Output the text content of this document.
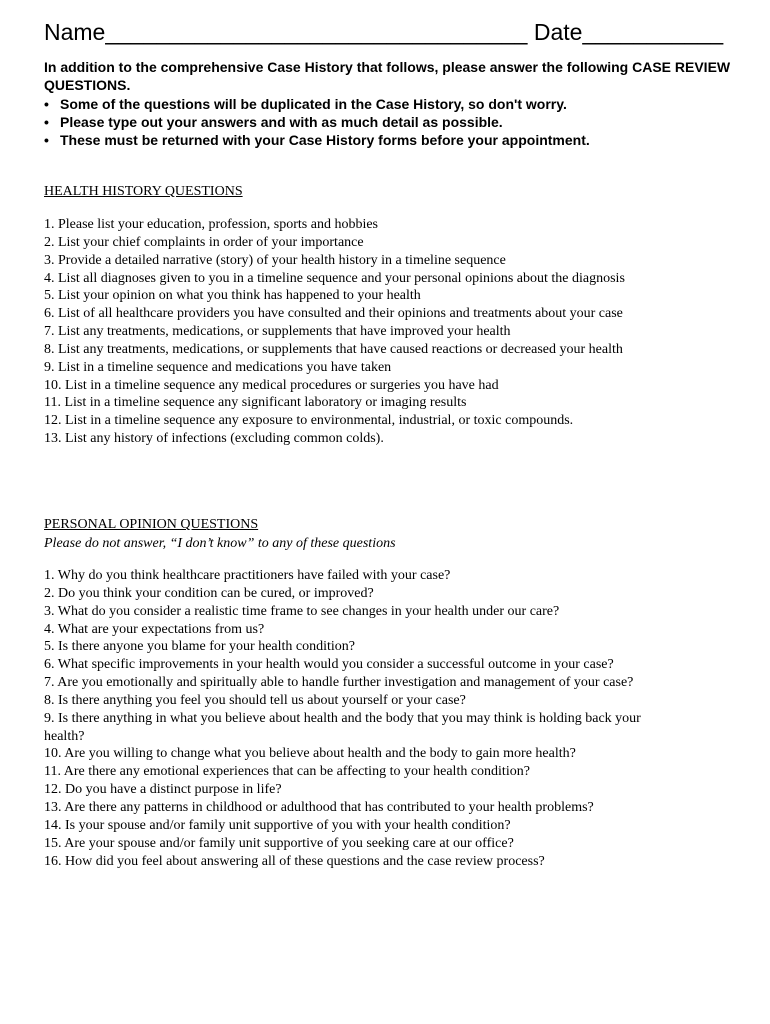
Name_________________________________ Date___________

In addition to the comprehensive Case History that follows, please answer the following CASE REVIEW QUESTIONS.

• Some of the questions will be duplicated in the Case History, so don't worry.
• Please type out your answers and with as much detail as possible.
• These must be returned with your Case History forms before your appointment.
HEALTH HISTORY QUESTIONS
1. Please list your education, profession, sports and hobbies
2. List your chief complaints in order of your importance
3. Provide a detailed narrative (story) of your health history in a timeline sequence
4. List all diagnoses given to you in a timeline sequence and your personal opinions about the diagnosis
5. List your opinion on what you think has happened to your health
6. List of all healthcare providers you have consulted and their opinions and treatments about your case
7. List any treatments, medications, or supplements that have improved your health
8. List any treatments, medications, or supplements that have caused reactions or decreased your health
9. List in a timeline sequence and medications you have taken
10. List in a timeline sequence any medical procedures or surgeries you have had
11. List in a timeline sequence any significant laboratory or imaging results
12. List in a timeline sequence any exposure to environmental, industrial, or toxic compounds.
13. List any history of infections (excluding common colds).
PERSONAL OPINION QUESTIONS
Please do not answer, “I don’t know” to any of these questions
1. Why do you think healthcare practitioners have failed with your case?
2. Do you think your condition can be cured, or improved?
3. What do you consider a realistic time frame to see changes in your health under our care?
4. What are your expectations from us?
5. Is there anyone you blame for your health condition?
6. What specific improvements in your health would you consider a successful outcome in your case?
7. Are you emotionally and spiritually able to handle further investigation and management of your case?
8. Is there anything you feel you should tell us about yourself or your case?
9. Is there anything in what you believe about health and the body that you may think is holding back your health?
10. Are you willing to change what you believe about health and the body to gain more health?
11. Are there any emotional experiences that can be affecting to your health condition?
12. Do you have a distinct purpose in life?
13. Are there any patterns in childhood or adulthood that has contributed to your health problems?
14. Is your spouse and/or family unit supportive of you with your health condition?
15. Are your spouse and/or family unit supportive of you seeking care at our office?
16. How did you feel about answering all of these questions and the case review process?
